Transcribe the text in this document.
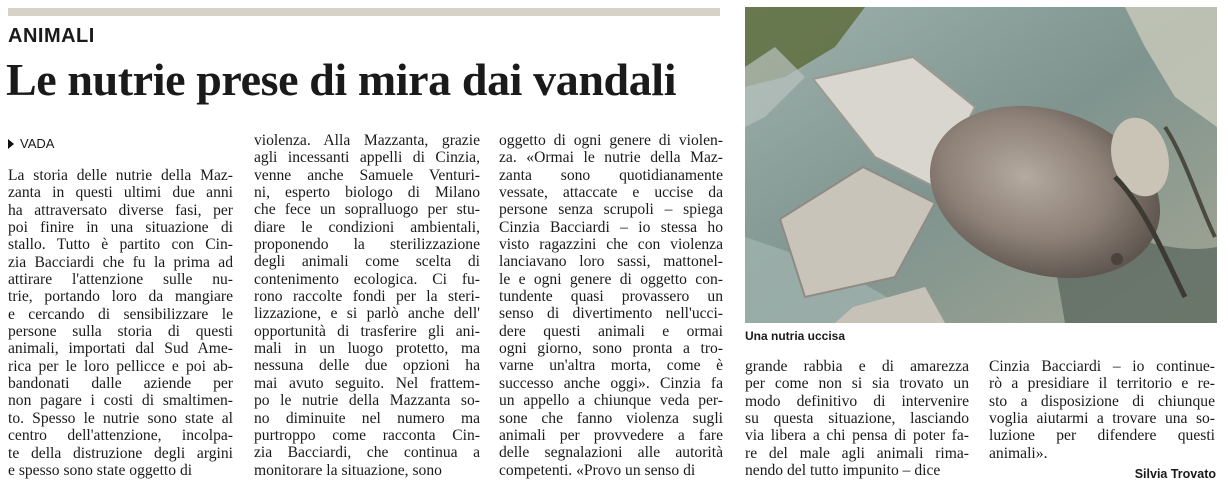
ANIMALI
Le nutrie prese di mira dai vandali
VADA
La storia delle nutrie della Maz-
zanta in questi ultimi due anni
ha attraversato diverse fasi, per
poi finire in una situazione di
stallo. Tutto è partito con Cin-
zia Bacciardi che fu la prima ad
attirare l'attenzione sulle nu-
trie, portando loro da mangiare
e cercando di sensibilizzare le
persone sulla storia di questi
animali, importati dal Sud Ame-
rica per le loro pellicce e poi ab-
bandonati dalle aziende per
non pagare i costi di smaltimen-
to. Spesso le nutrie sono state al
centro dell'attenzione, incolpa-
te della distruzione degli argini
e spesso sono state oggetto di
violenza. Alla Mazzanta, grazie
agli incessanti appelli di Cinzia,
venne anche Samuele Venturi-
ni, esperto biologo di Milano
che fece un sopralluogo per stu-
diare le condizioni ambientali,
proponendo la sterilizzazione
degli animali come scelta di
contenimento ecologica. Ci fu-
rono raccolte fondi per la steri-
lizzazione, e si parlò anche dell'
opportunità di trasferire gli ani-
mali in un luogo protetto, ma
nessuna delle due opzioni ha
mai avuto seguito. Nel frattem-
po le nutrie della Mazzanta so-
no diminuite nel numero ma
purtroppo come racconta Cin-
zia Bacciardi, che continua a
monitorare la situazione, sono
oggetto di ogni genere di violen-
za. «Ormai le nutrie della Maz-
zanta sono quotidianamente
vessate, attaccate e uccise da
persone senza scrupoli – spiega
Cinzia Bacciardi – io stessa ho
visto ragazzini che con violenza
lanciavano loro sassi, mattonel-
le e ogni genere di oggetto con-
tundente quasi provassero un
senso di divertimento nell'ucci-
dere questi animali e ormai
ogni giorno, sono pronta a tro-
varne un'altra morta, come è
successo anche oggi». Cinzia fa
un appello a chiunque veda per-
sone che fanno violenza sugli
animali per provvedere a fare
delle segnalazioni alle autorità
competenti. «Provo un senso di
grande rabbia e di amarezza
per come non si sia trovato un
modo definitivo di intervenire
su questa situazione, lasciando
via libera a chi pensa di poter fa-
re del male agli animali rima-
nendo del tutto impunito – dice
Cinzia Bacciardi – io continue-
rò a presidiare il territorio e re-
sto a disposizione di chiunque
voglia aiutarmi a trovare una so-
luzione per difendere questi
animali».
Una nutria uccisa
Silvia Trovato
